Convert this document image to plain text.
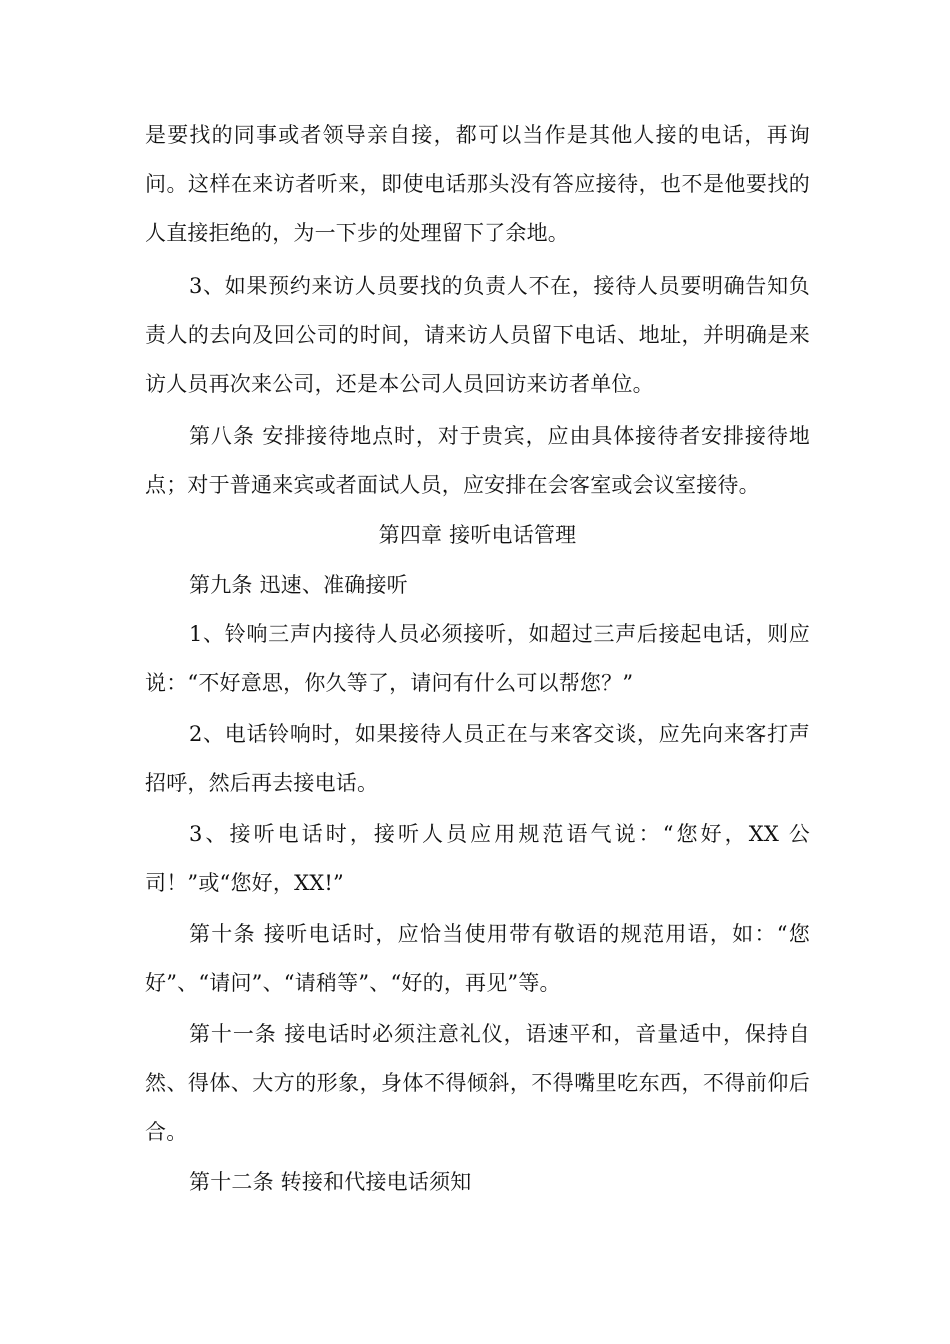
是要找的同事或者领导亲自接，都可以当作是其他人接的电话，再询问。这样在来访者听来，即使电话那头没有答应接待，也不是他要找的人直接拒绝的，为一下步的处理留下了余地。

3、如果预约来访人员要找的负责人不在，接待人员要明确告知负责人的去向及回公司的时间，请来访人员留下电话、地址，并明确是来访人员再次来公司，还是本公司人员回访来访者单位。

第八条 安排接待地点时，对于贵宾，应由具体接待者安排接待地点；对于普通来宾或者面试人员，应安排在会客室或会议室接待。

第四章 接听电话管理

第九条 迅速、准确接听

1、铃响三声内接待人员必须接听，如超过三声后接起电话，则应说：“不好意思，你久等了，请问有什么可以帮您？”

2、电话铃响时，如果接待人员正在与来客交谈，应先向来客打声招呼，然后再去接电话。

3、接听电话时，接听人员应用规范语气说：“您好，XX 公司！”或“您好，XX!”

第十条 接听电话时，应恰当使用带有敬语的规范用语，如：“您好”、“请问”、“请稍等”、“好的，再见”等。

第十一条 接电话时必须注意礼仪，语速平和，音量适中，保持自然、得体、大方的形象，身体不得倾斜，不得嘴里吃东西，不得前仰后合。

第十二条 转接和代接电话须知
